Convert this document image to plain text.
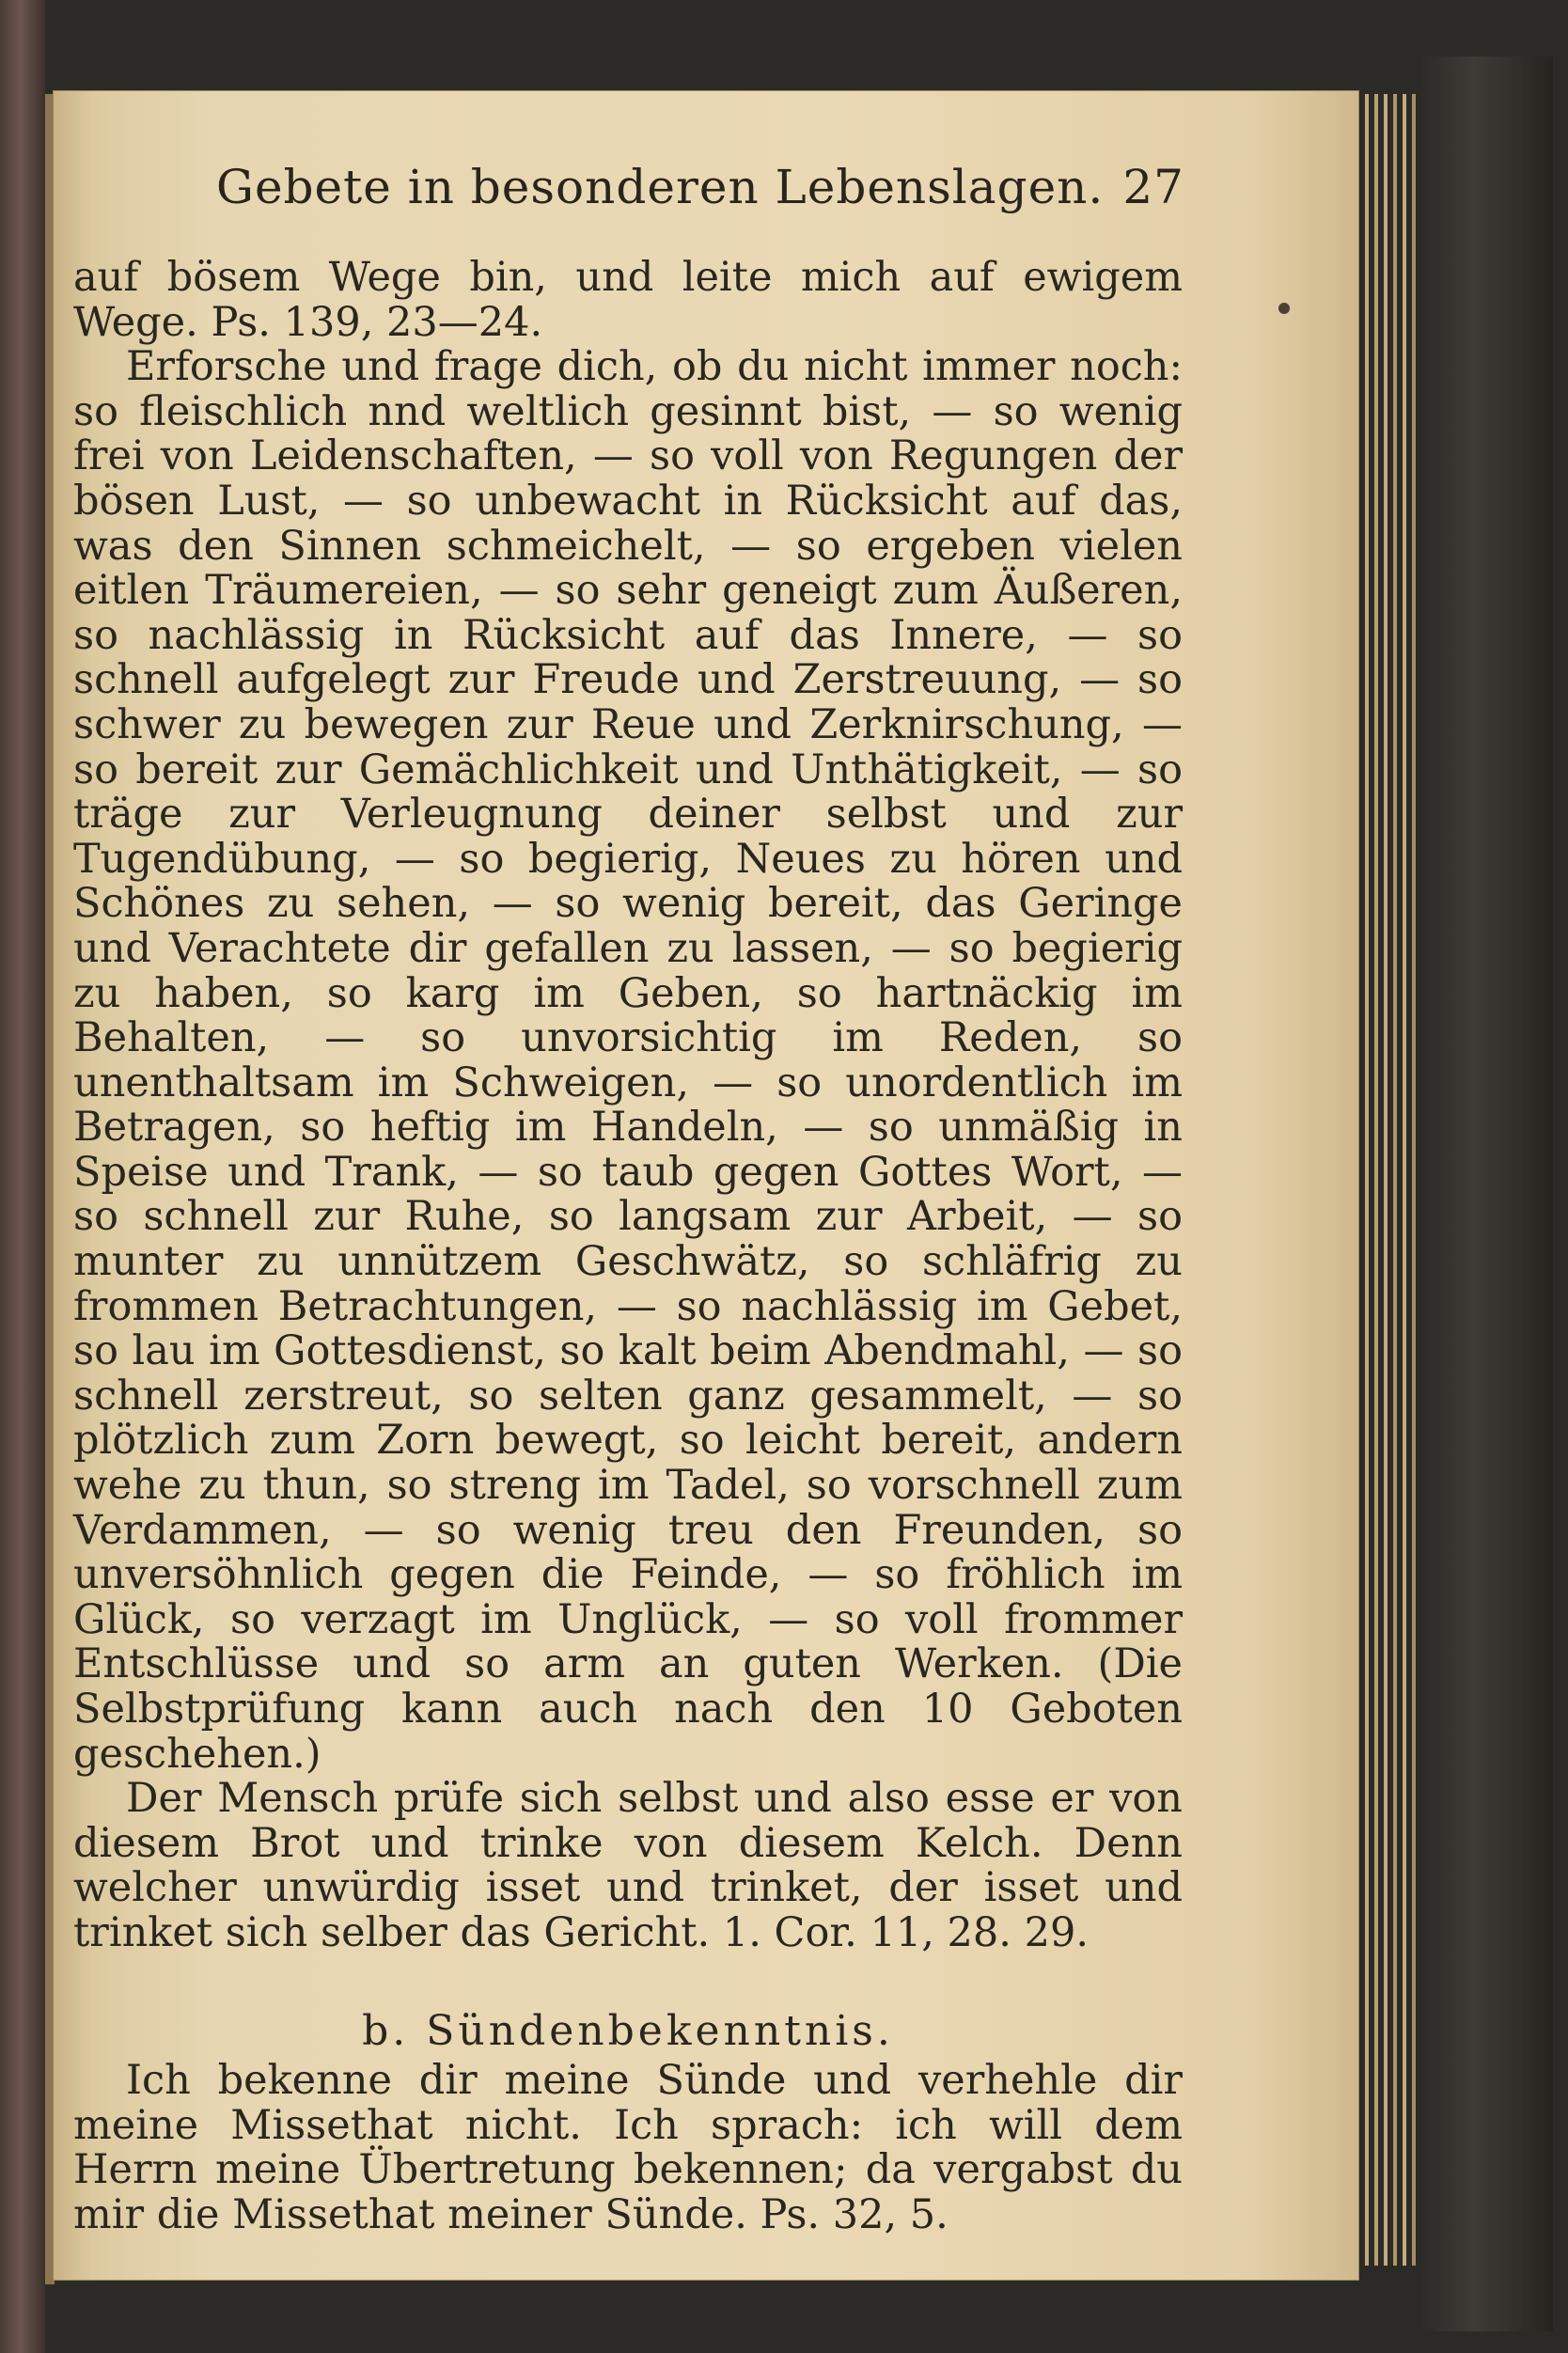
Gebete in besonderen Lebenslagen. 27

auf bösem Wege bin, und leite mich auf ewigem Wege. Ps. 139, 23—24.

Erforsche und frage dich, ob du nicht immer noch: so fleischlich nnd weltlich gesinnt bist, — so wenig frei von Leidenschaften, — so voll von Regungen der bösen Lust, — so unbewacht in Rücksicht auf das, was den Sinnen schmeichelt, — so ergeben vielen eitlen Träumereien, — so sehr geneigt zum Äußeren, so nachlässig in Rücksicht auf das Innere, — so schnell aufgelegt zur Freude und Zerstreuung, — so schwer zu bewegen zur Reue und Zerknirschung, — so bereit zur Gemächlichkeit und Unthätigkeit, — so träge zur Verleugnung deiner selbst und zur Tugendübung, — so begierig, Neues zu hören und Schönes zu sehen, — so wenig bereit, das Geringe und Verachtete dir gefallen zu lassen, — so begierig zu haben, so karg im Geben, so hartnäckig im Behalten, — so unvorsichtig im Reden, so unenthaltsam im Schweigen, — so unordentlich im Betragen, so heftig im Handeln, — so unmäßig in Speise und Trank, — so taub gegen Gottes Wort, — so schnell zur Ruhe, so langsam zur Arbeit, — so munter zu unnützem Geschwätz, so schläfrig zu frommen Betrachtungen, — so nachlässig im Gebet, so lau im Gottesdienst, so kalt beim Abendmahl, — so schnell zerstreut, so selten ganz gesammelt, — so plötzlich zum Zorn bewegt, so leicht bereit, andern wehe zu thun, so streng im Tadel, so vorschnell zum Verdammen, — so wenig treu den Freunden, so unversöhnlich gegen die Feinde, — so fröhlich im Glück, so verzagt im Unglück, — so voll frommer Entschlüsse und so arm an guten Werken. (Die Selbstprüfung kann auch nach den 10 Geboten geschehen.)

Der Mensch prüfe sich selbst und also esse er von diesem Brot und trinke von diesem Kelch. Denn welcher unwürdig isset und trinket, der isset und trinket sich selber das Gericht. 1. Cor. 11, 28. 29.

b. Sündenbekenntnis.

Ich bekenne dir meine Sünde und verhehle dir meine Missethat nicht. Ich sprach: ich will dem Herrn meine Übertretung bekennen; da vergabst du mir die Missethat meiner Sünde. Ps. 32, 5.
